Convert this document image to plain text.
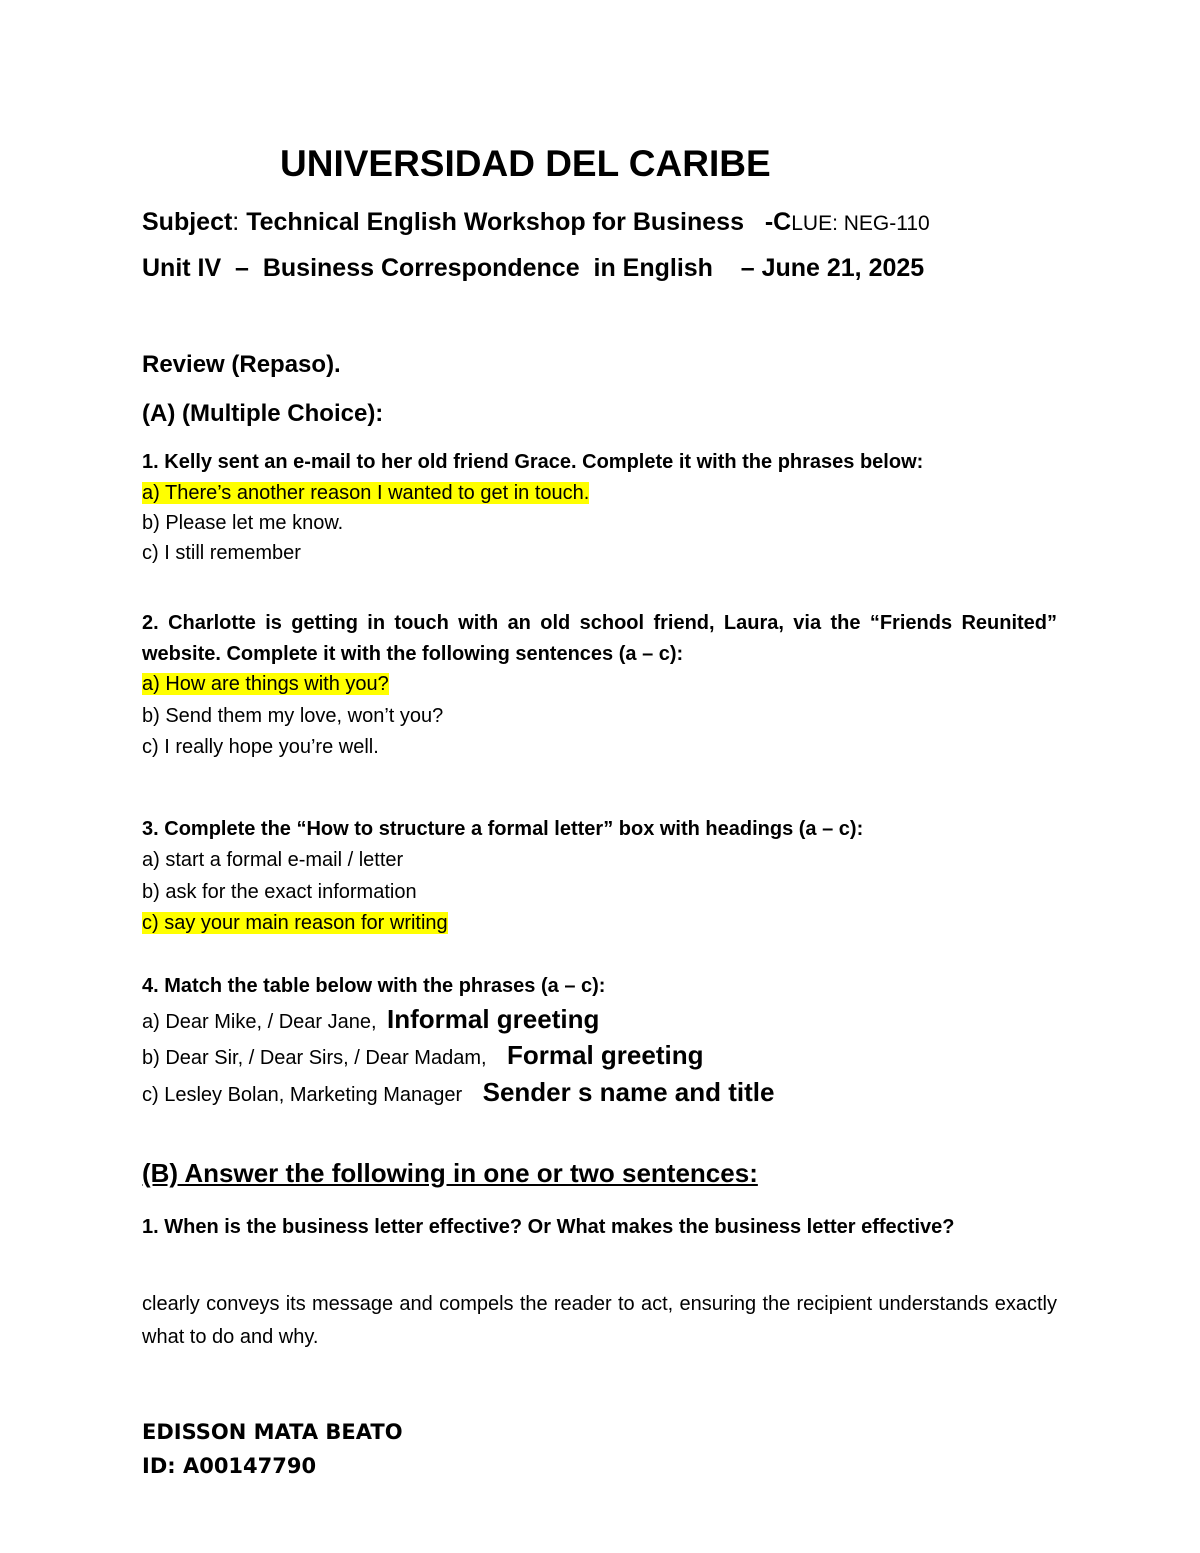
UNIVERSIDAD DEL CARIBE
Subject: Technical English Workshop for Business -CLUE: NEG-110
Unit IV  –  Business Correspondence  in English    – June 21, 2025
Review (Repaso).
(A) (Multiple Choice):
1. Kelly sent an e-mail to her old friend Grace. Complete it with the phrases below:
a) There’s another reason I wanted to get in touch.
b) Please let me know.
c) I still remember
2. Charlotte is getting in touch with an old school friend, Laura, via the “Friends Reunited” website. Complete it with the following sentences (a – c):
a) How are things with you?
b) Send them my love, won’t you?
c) I really hope you’re well.
3. Complete the “How to structure a formal letter” box with headings (a – c):
a) start a formal e-mail / letter
b) ask for the exact information
c) say your main reason for writing
4. Match the table below with the phrases (a – c):
a) Dear Mike, / Dear Jane, Informal greeting
b) Dear Sir, / Dear Sirs, / Dear Madam, Formal greeting
c) Lesley Bolan, Marketing Manager Sender s name and title
(B) Answer the following in one or two sentences:
1. When is the business letter effective? Or What makes the business letter effective?
clearly conveys its message and compels the reader to act, ensuring the recipient understands exactly what to do and why.
EDISSON MATA BEATO
ID: A00147790
